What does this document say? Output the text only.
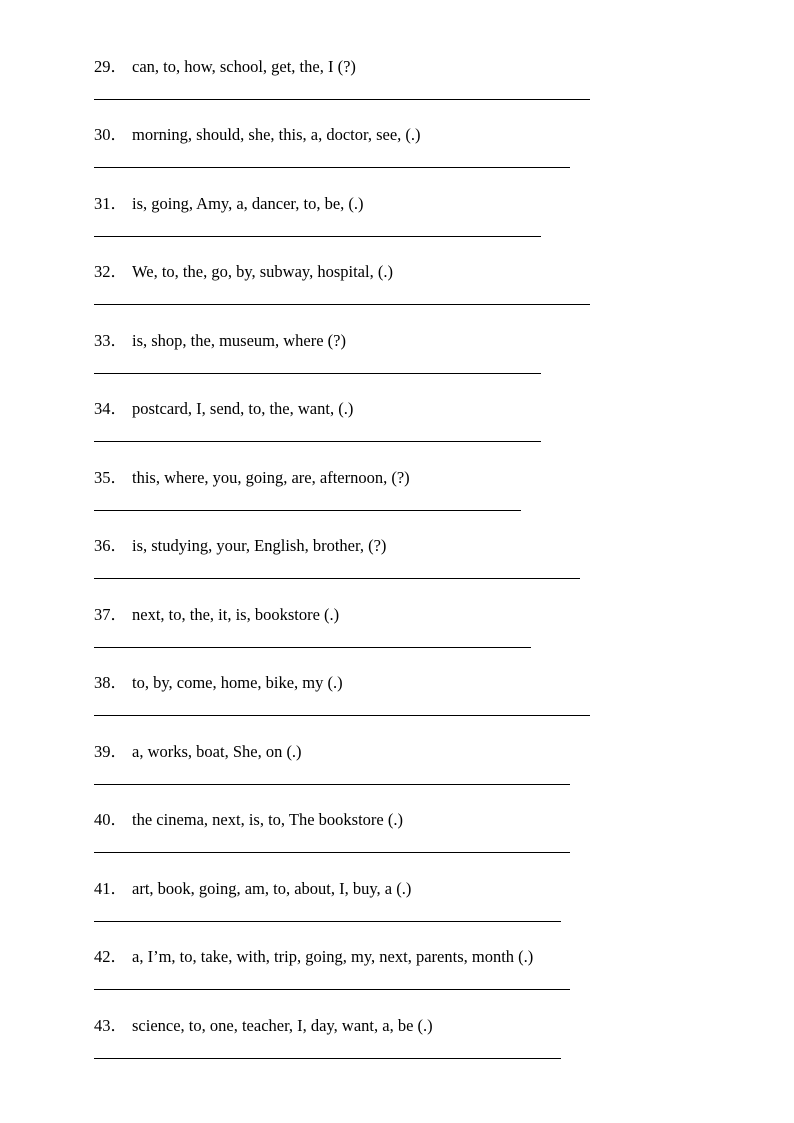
29． can, to, how, school, get, the, I (?)
30． morning, should, she, this, a, doctor, see, (.)
31． is, going, Amy, a, dancer, to, be, (.)
32． We, to, the, go, by, subway, hospital, (.)
33． is, shop, the, museum, where (?)
34． postcard, I, send, to, the, want, (.)
35． this, where, you, going, are, afternoon, (?)
36． is, studying, your, English, brother, (?)
37． next, to, the, it, is, bookstore (.)
38． to, by, come, home, bike, my (.)
39． a, works, boat, She, on (.)
40． the cinema, next, is, to, The bookstore (.)
41． art, book, going, am, to, about, I, buy, a (.)
42． a, I’m, to, take, with, trip, going, my, next, parents, month (.)
43． science, to, one, teacher, I, day, want, a, be (.)
